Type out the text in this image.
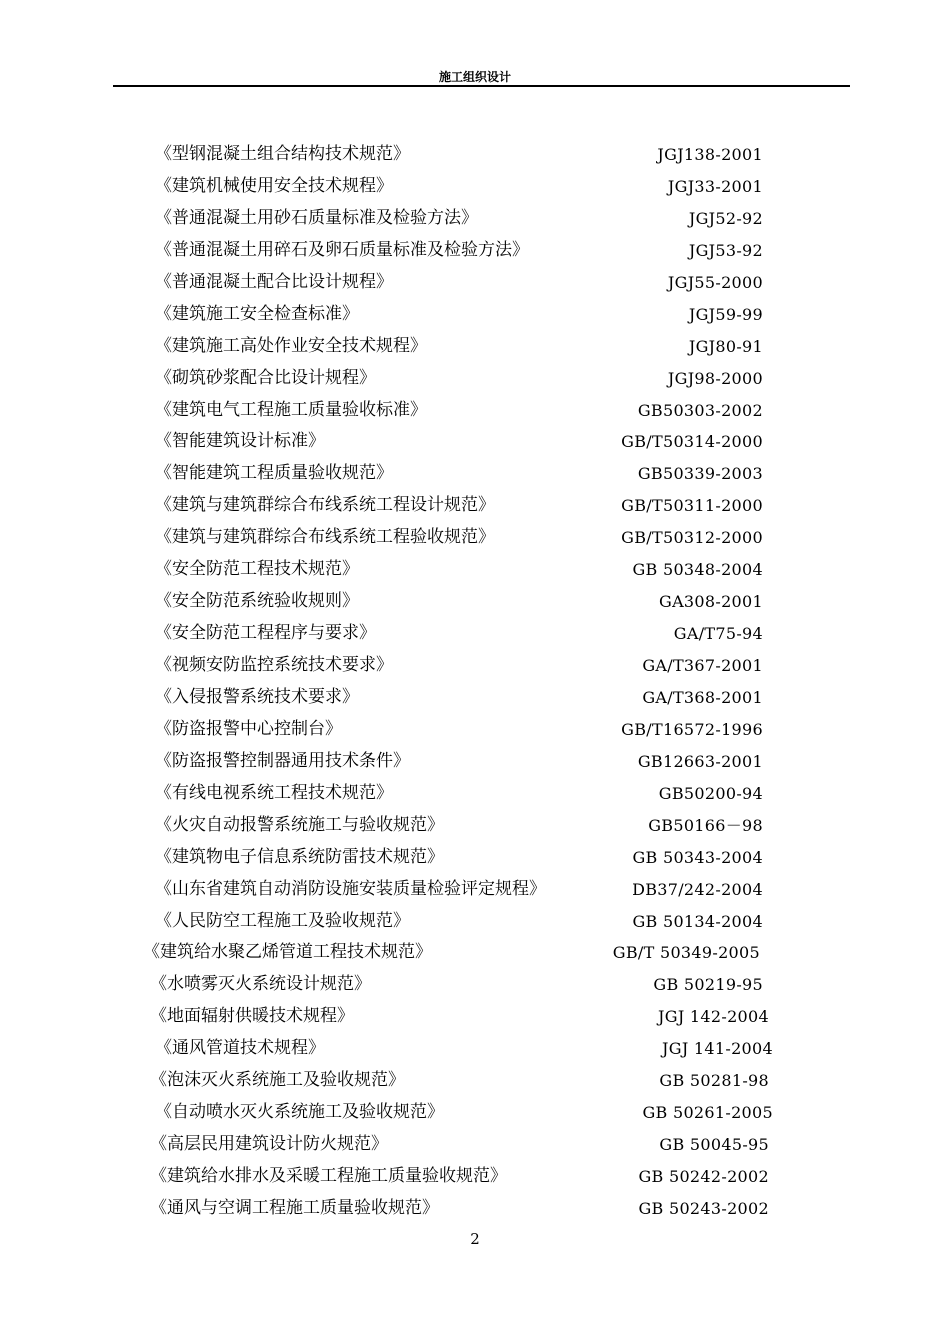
施工组织设计
《型钢混凝土组合结构技术规范》	JGJ138-2001
《建筑机械使用安全技术规程》	JGJ33-2001
《普通混凝土用砂石质量标准及检验方法》	JGJ52-92
《普通混凝土用碎石及卵石质量标准及检验方法》	JGJ53-92
《普通混凝土配合比设计规程》	JGJ55-2000
《建筑施工安全检查标准》	JGJ59-99
《建筑施工高处作业安全技术规程》	JGJ80-91
《砌筑砂浆配合比设计规程》	JGJ98-2000
《建筑电气工程施工质量验收标准》	GB50303-2002
《智能建筑设计标准》	GB/T50314-2000
《智能建筑工程质量验收规范》	GB50339-2003
《建筑与建筑群综合布线系统工程设计规范》	GB/T50311-2000
《建筑与建筑群综合布线系统工程验收规范》	GB/T50312-2000
《安全防范工程技术规范》	GB 50348-2004
《安全防范系统验收规则》	GA308-2001
《安全防范工程程序与要求》	GA/T75-94
《视频安防监控系统技术要求》	GA/T367-2001
《入侵报警系统技术要求》	GA/T368-2001
《防盗报警中心控制台》	GB/T16572-1996
《防盗报警控制器通用技术条件》	GB12663-2001
《有线电视系统工程技术规范》	GB50200-94
《火灾自动报警系统施工与验收规范》	GB50166－98
《建筑物电子信息系统防雷技术规范》	GB 50343-2004
《山东省建筑自动消防设施安装质量检验评定规程》	DB37/242-2004
《人民防空工程施工及验收规范》	GB 50134-2004
《建筑给水聚乙烯管道工程技术规范》	GB/T 50349-2005
《水喷雾灭火系统设计规范》	GB 50219-95
《地面辐射供暖技术规程》	JGJ 142-2004
《通风管道技术规程》	JGJ 141-2004
《泡沫灭火系统施工及验收规范》	GB 50281-98
《自动喷水灭火系统施工及验收规范》	GB 50261-2005
《高层民用建筑设计防火规范》	GB 50045-95
《建筑给水排水及采暖工程施工质量验收规范》	GB 50242-2002
《通风与空调工程施工质量验收规范》	GB 50243-2002
2
